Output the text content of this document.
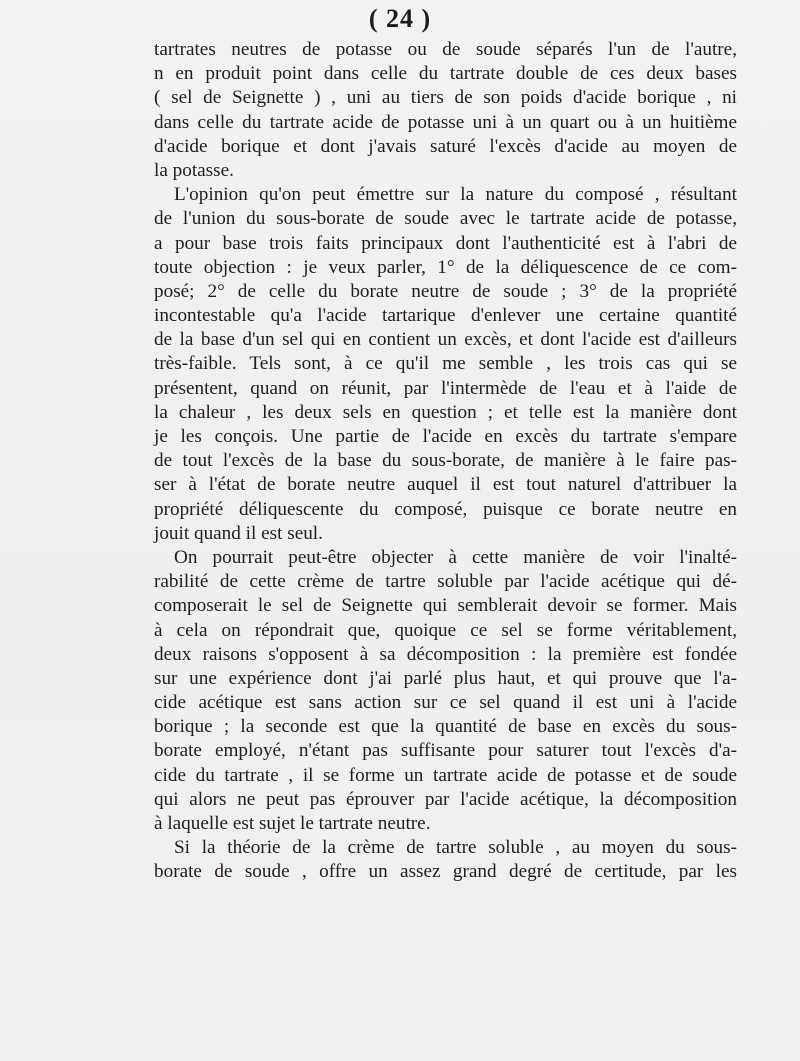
( 24 )
tartrates neutres de potasse ou de soude séparés l'un de l'autre,
n en produit point dans celle du tartrate double de ces deux bases
( sel de Seignette ) , uni au tiers de son poids d'acide borique , ni
dans celle du tartrate acide de potasse uni à un quart ou à un huitième
d'acide borique et dont j'avais saturé l'excès d'acide au moyen de
la potasse.
L'opinion qu'on peut émettre sur la nature du composé , résultant
de l'union du sous-borate de soude avec le tartrate acide de potasse,
a pour base trois faits principaux dont l'authenticité est à l'abri de
toute objection : je veux parler, 1° de la déliquescence de ce com-
posé; 2° de celle du borate neutre de soude ; 3° de la propriété
incontestable qu'a l'acide tartarique d'enlever une certaine quantité
de la base d'un sel qui en contient un excès, et dont l'acide est d'ailleurs
très-faible. Tels sont, à ce qu'il me semble , les trois cas qui se
présentent, quand on réunit, par l'intermède de l'eau et à l'aide de
la chaleur , les deux sels en question ; et telle est la manière dont
je les conçois. Une partie de l'acide en excès du tartrate s'empare
de tout l'excès de la base du sous-borate, de manière à le faire pas-
ser à l'état de borate neutre auquel il est tout naturel d'attribuer la
propriété déliquescente du composé, puisque ce borate neutre en
jouit quand il est seul.
On pourrait peut-être objecter à cette manière de voir l'inalté-
rabilité de cette crème de tartre soluble par l'acide acétique qui dé-
composerait le sel de Seignette qui semblerait devoir se former. Mais
à cela on répondrait que, quoique ce sel se forme véritablement,
deux raisons s'opposent à sa décomposition : la première est fondée
sur une expérience dont j'ai parlé plus haut, et qui prouve que l'a-
cide acétique est sans action sur ce sel quand il est uni à l'acide
borique ; la seconde est que la quantité de base en excès du sous-
borate employé, n'étant pas suffisante pour saturer tout l'excès d'a-
cide du tartrate , il se forme un tartrate acide de potasse et de soude
qui alors ne peut pas éprouver par l'acide acétique, la décomposition
à laquelle est sujet le tartrate neutre.
Si la théorie de la crème de tartre soluble , au moyen du sous-
borate de soude , offre un assez grand degré de certitude, par les
